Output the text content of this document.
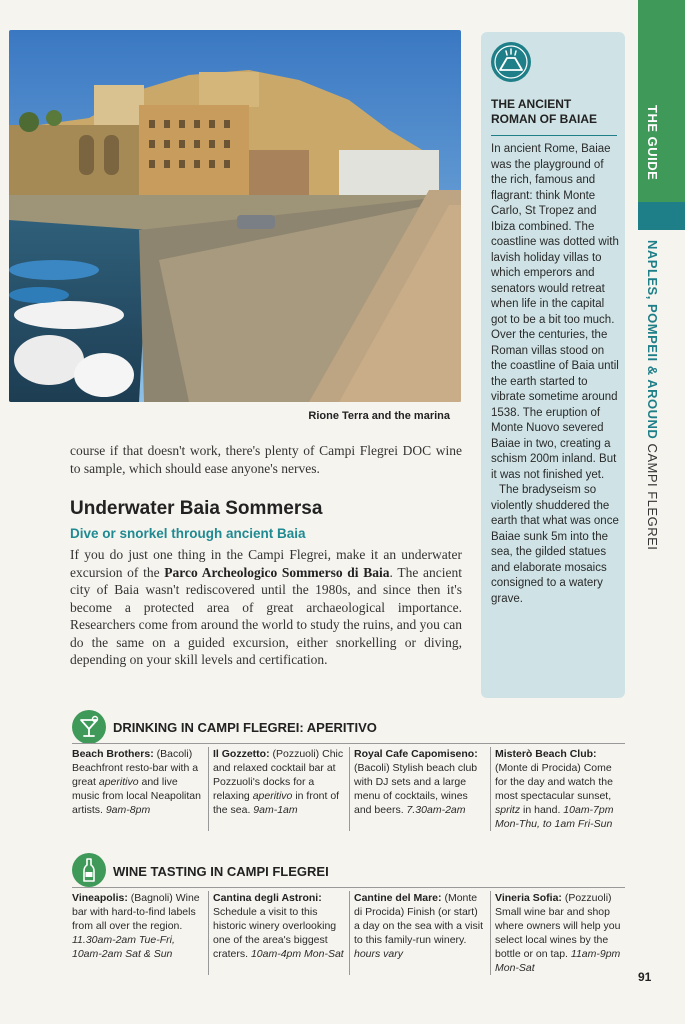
THE GUIDE
NAPLES, POMPEII & AROUND CAMPI FLEGREI
Rione Terra and the marina
course if that doesn't work, there's plenty of Campi Flegrei DOC wine to sample, which should ease anyone's nerves.
Underwater Baia Sommersa
Dive or snorkel through ancient Baia
If you do just one thing in the Campi Flegrei, make it an underwater excursion of the Parco Archeologico Sommerso di Baia. The ancient city of Baia wasn't rediscovered until the 1980s, and since then it's become a protected area of great archaeological importance. Researchers come from around the world to study the ruins, and you can do the same on a guided excursion, either snorkelling or diving, depending on your skill levels and certification.
THE ANCIENT ROMAN OF BAIAE

In ancient Rome, Baiae was the playground of the rich, famous and flagrant: think Monte Carlo, St Tropez and Ibiza combined. The coastline was dotted with lavish holiday villas to which emperors and senators would retreat when life in the capital got to be a bit too much. Over the centuries, the Roman villas stood on the coastline of Baia until the earth started to vibrate sometime around 1538. The eruption of Monte Nuovo severed Baiae in two, creating a schism 200m inland. But it was not finished yet.

The bradyseism so violently shuddered the earth that what was once Baiae sunk 5m into the sea, the gilded statues and elaborate mosaics consigned to a watery grave.

DRINKING IN CAMPI FLEGREI: APERITIVO
Beach Brothers: (Bacoli) Beachfront resto-bar with a great aperitivo and live music from local Neapolitan artists. 9am-8pm
Il Gozzetto: (Pozzuoli) Chic and relaxed cocktail bar at Pozzuoli's docks for a relaxing aperitivo in front of the sea. 9am-1am
Royal Cafe Capomiseno: (Bacoli) Stylish beach club with DJ sets and a large menu of cocktails, wines and beers. 7.30am-2am
Misterò Beach Club: (Monte di Procida) Come for the day and watch the most spectacular sunset, spritz in hand. 10am-7pm Mon-Thu, to 1am Fri-Sun
WINE TASTING IN CAMPI FLEGREI
Vineapolis: (Bagnoli) Wine bar with hard-to-find labels from all over the region. 11.30am-2am Tue-Fri, 10am-2am Sat & Sun
Cantina degli Astroni: Schedule a visit to this historic winery overlooking one of the area's biggest craters. 10am-4pm Mon-Sat
Cantine del Mare: (Monte di Procida) Finish (or start) a day on the sea with a visit to this family-run winery. hours vary
Vineria Sofia: (Pozzuoli) Small wine bar and shop where owners will help you select local wines by the bottle or on tap. 11am-9pm Mon-Sat
91
